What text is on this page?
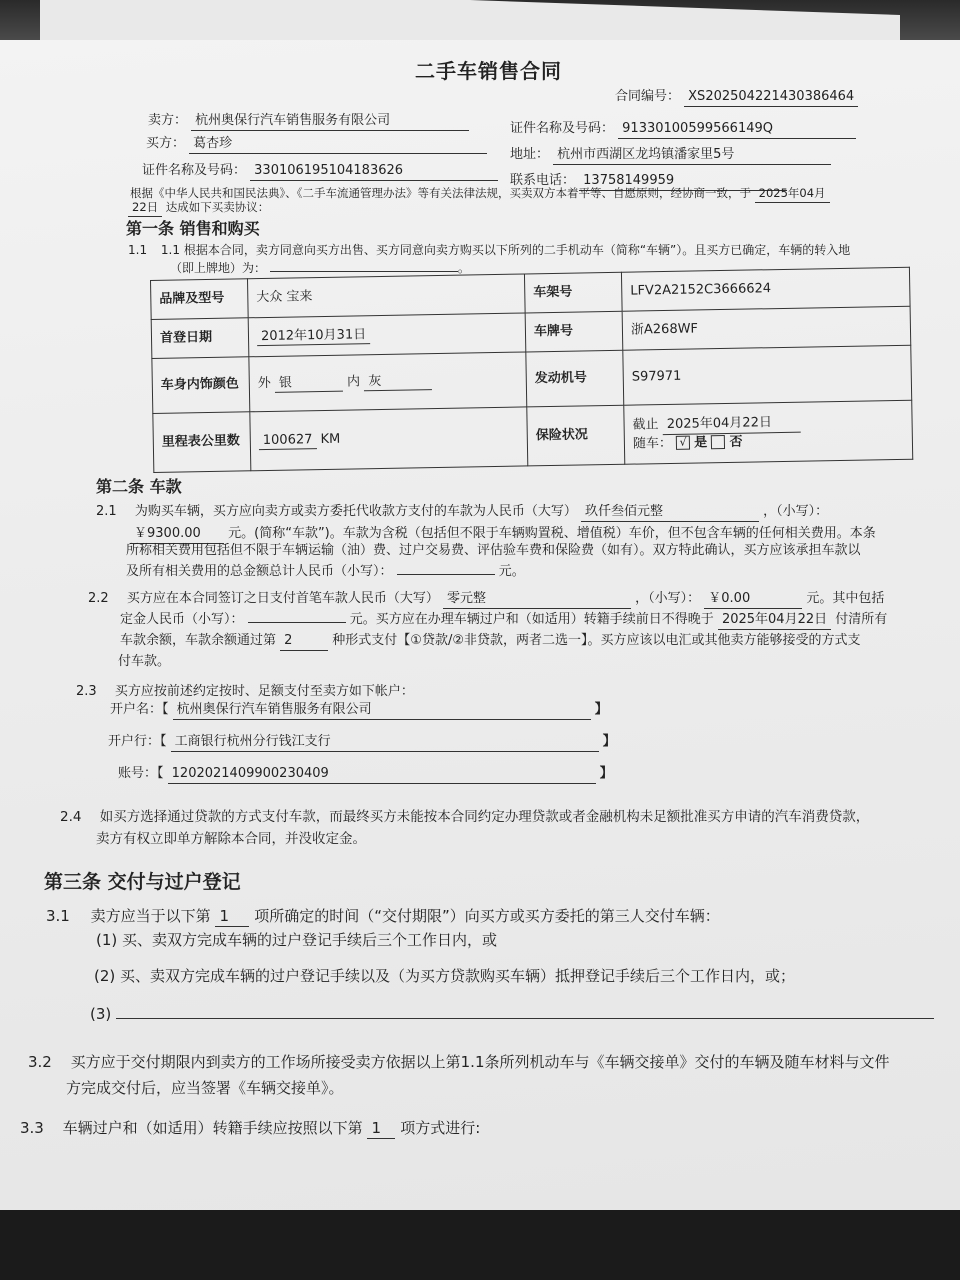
二手车销售合同
合同编号： XS202504221430386464
卖方： 杭州奥保行汽车销售服务有限公司
买方： 葛杏珍
证件名称及号码： 91330100599566149Q
地址： 杭州市西湖区龙坞镇潘家里5号
证件名称及号码： 330106195104183626
联系电话： 13758149959
根据《中华人民共和国民法典》、《二手车流通管理办法》等有关法律法规，买卖双方本着平等、自愿原则，经协商一致，于 2025年04月
22日 达成如下买卖协议：
第一条 销售和购买
1.1 1.1 根据本合同，卖方同意向买方出售、买方同意向卖方购买以下所列的二手机动车（简称“车辆”）。且买方已确定，车辆的转入地
（即上牌地）为：	。
品牌及型号	大众 宝来	车架号	LFV2A2152C3666624
首登日期	2012年10月31日	车牌号	浙A268WF
车身内饰颜色	外 银 内 灰	发动机号	S97971
里程表公里数	100627 KM	保险状况	截止 2025年04月22日
随车： √ 是 否
第二条 车款
2.1 为购买车辆，买方应向卖方或卖方委托代收款方支付的车款为人民币（大写） 玖仟叁佰元整	，（小写）：
￥9300.00 元。(简称“车款”)。车款为含税（包括但不限于车辆购置税、增值税）车价，但不包含车辆的任何相关费用。本条
所称相关费用包括但不限于车辆运输（油）费、过户交易费、评估验车费和保险费（如有）。双方特此确认，买方应该承担车款以
及所有相关费用的总金额总计人民币（小写）：	元。
2.2 买方应在本合同签订之日支付首笔车款人民币（大写） 零元整	，（小写）： ￥0.00	元。其中包括
定金人民币（小写）：	元。买方应在办理车辆过户和（如适用）转籍手续前日不得晚于 2025年04月22日 付清所有
车款余额，车款余额通过第 2	种形式支付【①贷款/②非贷款，两者二选一】。买方应该以电汇或其他卖方能够接受的方式支
付车款。
2.3 买方应按前述约定按时、足额支付至卖方如下帐户：
开户名：【 杭州奥保行汽车销售服务有限公司	】
开户行：【 工商银行杭州分行钱江支行	】
账号：【 1202021409900230409	】
2.4 如买方选择通过贷款的方式支付车款，而最终买方未能按本合同约定办理贷款或者金融机构未足额批准买方申请的汽车消费贷款，
卖方有权立即单方解除本合同，并没收定金。
第三条 交付与过户登记
3.1 卖方应当于以下第 1 项所确定的时间（“交付期限”）向买方或买方委托的第三人交付车辆：
(1) 买、卖双方完成车辆的过户登记手续后三个工作日内，或
(2) 买、卖双方完成车辆的过户登记手续以及（为买方贷款购买车辆）抵押登记手续后三个工作日内，或；
(3)
3.2 买方应于交付期限内到卖方的工作场所接受卖方依据以上第1.1条所列机动车与《车辆交接单》交付的车辆及随车材料与文件
方完成交付后，应当签署《车辆交接单》。
3.3 车辆过户和（如适用）转籍手续应按照以下第 1 项方式进行:
